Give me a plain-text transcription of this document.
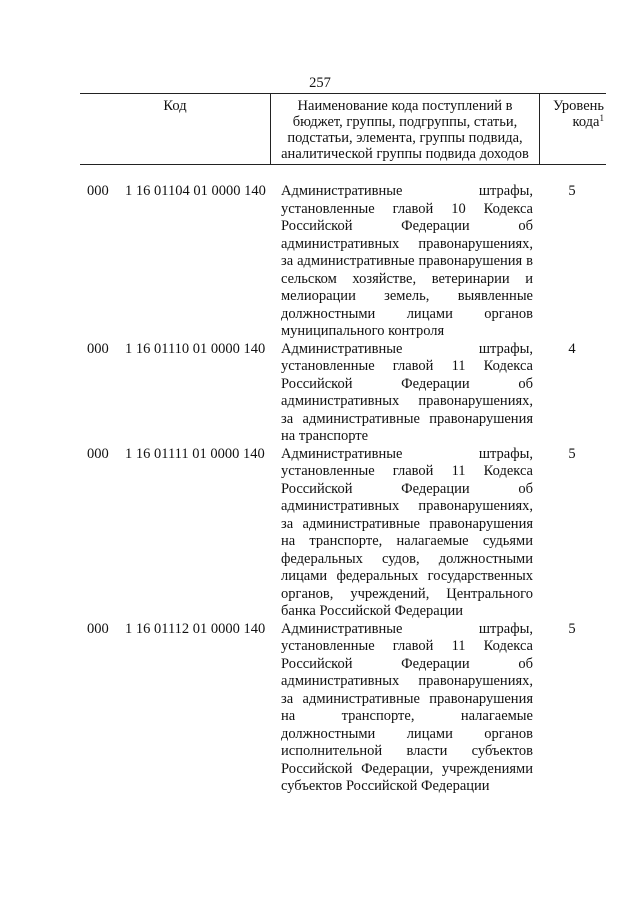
257
Код	Наименование кода поступлений в бюджет, группы, подгруппы, статьи, подстатьи, элемента, группы подвида, аналитической группы подвида доходов
Уровень кода$^1$
000 1 16 01104 01 0000 140 Административные штрафы, установленные главой 10 Кодекса Российской Федерации об административных правонарушениях, за административные правонарушения в сельском хозяйстве, ветеринарии и мелиорации земель, выявленные должностными лицами органов муниципального контроля
5
000 1 16 01110 01 0000 140 Административные штрафы, установленные главой 11 Кодекса Российской Федерации об административных правонарушениях, за административные правонарушения на транспорте
4
000 1 16 01111 01 0000 140 Административные штрафы, установленные главой 11 Кодекса Российской Федерации об административных правонарушениях, за административные правонарушения на транспорте, налагаемые судьями федеральных судов, должностными лицами федеральных государственных органов, учреждений, Центрального банка Российской Федерации
5
000 1 16 01112 01 0000 140 Административные штрафы, установленные главой 11 Кодекса Российской Федерации об административных правонарушениях, за административные правонарушения на транспорте, налагаемые должностными лицами органов исполнительной власти субъектов Российской Федерации, учреждениями субъектов Российской Федерации
5
